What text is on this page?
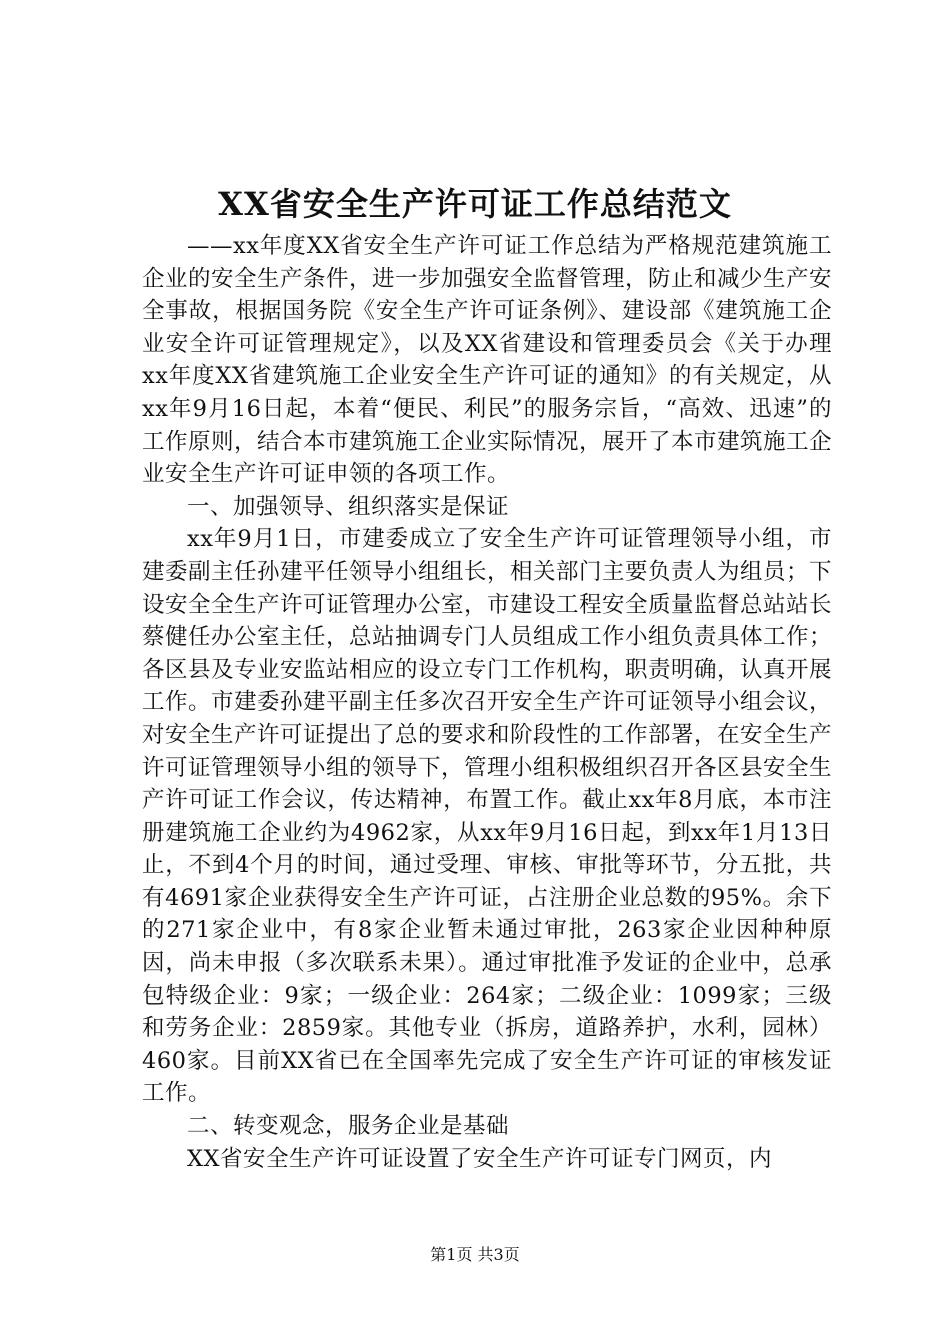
XX省安全生产许可证工作总结范文

——xx年度XX省安全生产许可证工作总结为严格规范建筑施工企业的安全生产条件，进一步加强安全监督管理，防止和减少生产安全事故，根据国务院《安全生产许可证条例》、建设部《建筑施工企业安全许可证管理规定》，以及XX省建设和管理委员会《关于办理xx年度XX省建筑施工企业安全生产许可证的通知》的有关规定，从xx年9月16日起，本着“便民、利民”的服务宗旨，“高效、迅速”的工作原则，结合本市建筑施工企业实际情况，展开了本市建筑施工企业安全生产许可证申领的各项工作。

一、加强领导、组织落实是保证

xx年9月1日，市建委成立了安全生产许可证管理领导小组，市建委副主任孙建平任领导小组组长，相关部门主要负责人为组员；下设安全全生产许可证管理办公室，市建设工程安全质量监督总站站长蔡健任办公室主任，总站抽调专门人员组成工作小组负责具体工作；各区县及专业安监站相应的设立专门工作机构，职责明确，认真开展工作。市建委孙建平副主任多次召开安全生产许可证领导小组会议，对安全生产许可证提出了总的要求和阶段性的工作部署，在安全生产许可证管理领导小组的领导下，管理小组积极组织召开各区县安全生产许可证工作会议，传达精神，布置工作。截止xx年8月底，本市注册建筑施工企业约为4962家，从xx年9月16日起，到xx年1月13日止，不到4个月的时间，通过受理、审核、审批等环节，分五批，共有4691家企业获得安全生产许可证，占注册企业总数的95%。余下的271家企业中，有8家企业暂未通过审批，263家企业因种种原因，尚未申报（多次联系未果）。通过审批准予发证的企业中，总承包特级企业：9家；一级企业：264家；二级企业：1099家；三级和劳务企业：2859家。其他专业（拆房，道路养护，水利，园林）460家。目前XX省已在全国率先完成了安全生产许可证的审核发证工作。

二、转变观念，服务企业是基础

XX省安全生产许可证设置了安全生产许可证专门网页，内

第1页 共3页
